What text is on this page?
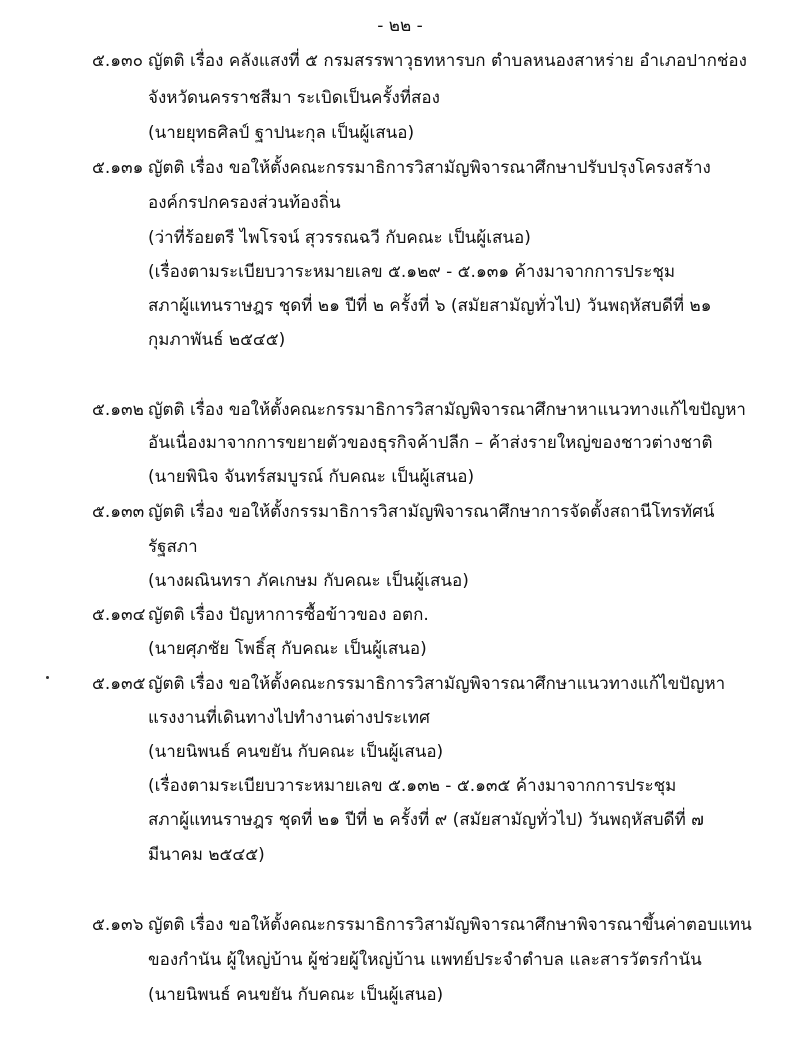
- ๒๒ -
๕.๑๓๐ ญัตติ เรื่อง คลังแสงที่ ๕ กรมสรรพาวุธทหารบก ตำบลหนองสาหร่าย อำเภอปากช่อง
จังหวัดนครราชสีมา ระเบิดเป็นครั้งที่สอง
(นายยุทธศิลป์ ฐาปนะกุล เป็นผู้เสนอ)
๕.๑๓๑ ญัตติ เรื่อง ขอให้ตั้งคณะกรรมาธิการวิสามัญพิจารณาศึกษาปรับปรุงโครงสร้าง
องค์กรปกครองส่วนท้องถิ่น
(ว่าที่ร้อยตรี ไพโรจน์ สุวรรณฉวี กับคณะ เป็นผู้เสนอ)
(เรื่องตามระเบียบวาระหมายเลข ๕.๑๒๙ - ๕.๑๓๑ ค้างมาจากการประชุม
สภาผู้แทนราษฎร ชุดที่ ๒๑ ปีที่ ๒ ครั้งที่ ๖ (สมัยสามัญทั่วไป) วันพฤหัสบดีที่ ๒๑
กุมภาพันธ์ ๒๕๔๕)
๕.๑๓๒ ญัตติ เรื่อง ขอให้ตั้งคณะกรรมาธิการวิสามัญพิจารณาศึกษาหาแนวทางแก้ไขปัญหา
อันเนื่องมาจากการขยายตัวของธุรกิจค้าปลีก – ค้าส่งรายใหญ่ของชาวต่างชาติ
(นายพินิจ จันทร์สมบูรณ์ กับคณะ เป็นผู้เสนอ)
๕.๑๓๓ ญัตติ เรื่อง ขอให้ตั้งกรรมาธิการวิสามัญพิจารณาศึกษาการจัดตั้งสถานีโทรทัศน์
รัฐสภา
(นางผณินทรา ภัคเกษม กับคณะ เป็นผู้เสนอ)
๕.๑๓๔ ญัตติ เรื่อง ปัญหาการซื้อข้าวของ อตก.
(นายศุภชัย โพธิ์สุ กับคณะ เป็นผู้เสนอ)
๕.๑๓๕ ญัตติ เรื่อง ขอให้ตั้งคณะกรรมาธิการวิสามัญพิจารณาศึกษาแนวทางแก้ไขปัญหา
แรงงานที่เดินทางไปทำงานต่างประเทศ
(นายนิพนธ์ คนขยัน กับคณะ เป็นผู้เสนอ)
(เรื่องตามระเบียบวาระหมายเลข ๕.๑๓๒ - ๕.๑๓๕ ค้างมาจากการประชุม
สภาผู้แทนราษฎร ชุดที่ ๒๑ ปีที่ ๒ ครั้งที่ ๙ (สมัยสามัญทั่วไป) วันพฤหัสบดีที่ ๗
มีนาคม ๒๕๔๕)
๕.๑๓๖ ญัตติ เรื่อง ขอให้ตั้งคณะกรรมาธิการวิสามัญพิจารณาศึกษาพิจารณาขึ้นค่าตอบแทน
ของกำนัน ผู้ใหญ่บ้าน ผู้ช่วยผู้ใหญ่บ้าน แพทย์ประจำตำบล และสารวัตรกำนัน
(นายนิพนธ์ คนขยัน กับคณะ เป็นผู้เสนอ)
